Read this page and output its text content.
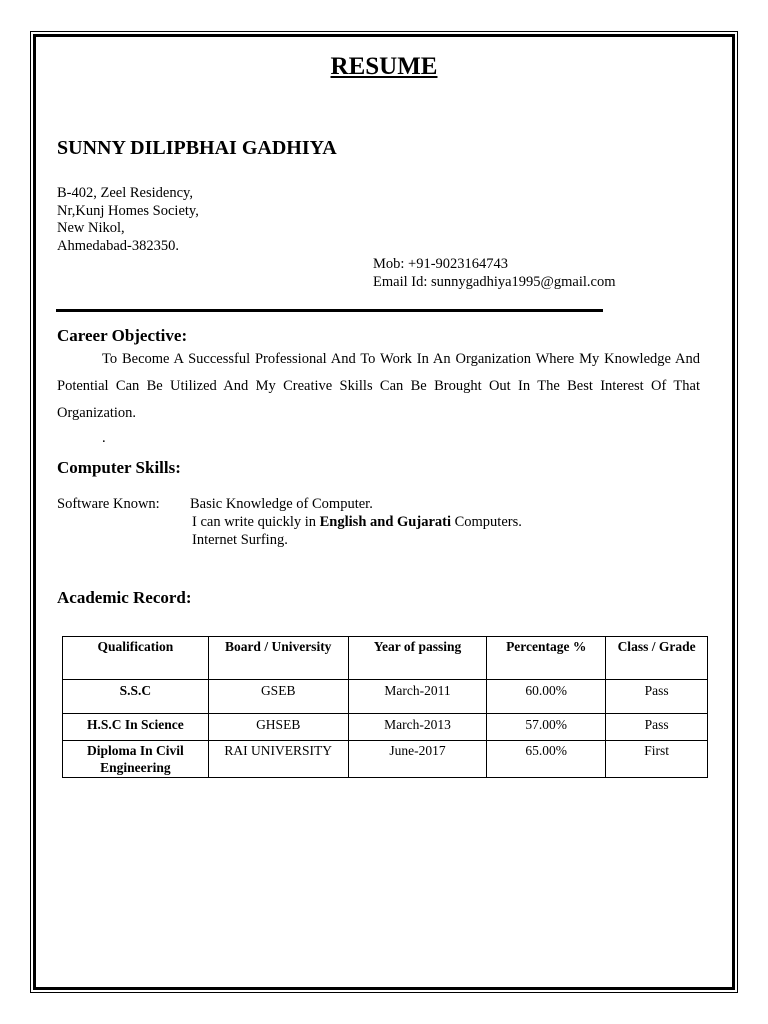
RESUME
SUNNY DILIPBHAI GADHIYA
B-402, Zeel Residency,
Nr,Kunj Homes Society,
New Nikol,
Ahmedabad-382350.
Mob: +91-9023164743
Email Id: sunnygadhiya1995@gmail.com
Career Objective:
To Become A Successful Professional And To Work In An Organization Where My Knowledge And Potential Can Be Utilized And My Creative Skills Can Be Brought Out In The Best Interest Of That Organization.
.
Computer Skills:
Software Known: Basic Knowledge of Computer.
I can write quickly in English and Gujarati Computers.
Internet Surfing.
Academic Record:
Qualification	Board / University	Year of passing	Percentage %	Class / Grade
S.S.C	GSEB	March-2011	60.00%	Pass
H.S.C In Science	GHSEB	March-2013	57.00%	Pass
Diploma In Civil Engineering	RAI UNIVERSITY	June-2017	65.00%	First
